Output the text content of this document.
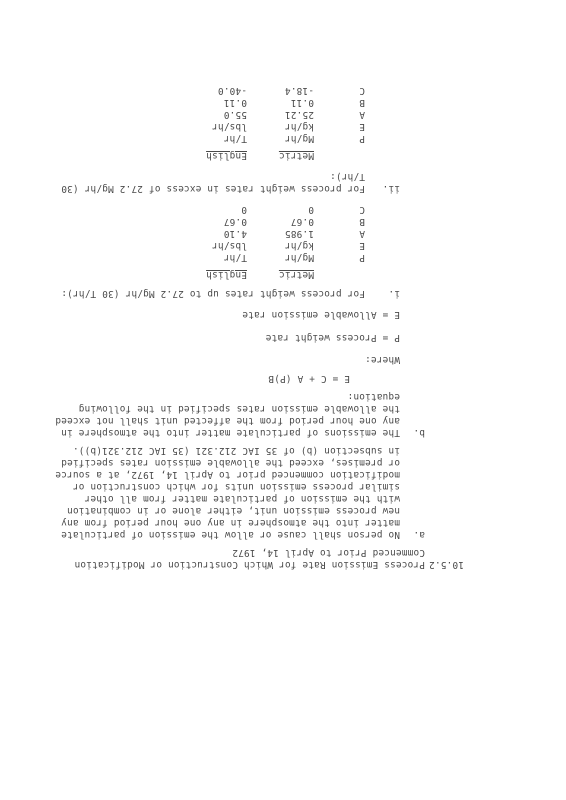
10.5.2
Process Emission Rate for Which Construction or Modification
Commenced Prior to April 14, 1972
a.
No person shall cause or allow the emission of particulate
matter into the atmosphere in any one hour period from any
new process emission unit, either alone or in combination
with the emission of particulate matter from all other
similar process emission units for which construction or
modification commenced prior to April 14, 1972, at a source
or premises, exceed the allowable emission rates specified
in subsection (b) of 35 IAC 212.321 (35 IAC 212.321(b)).
b.
The emissions of particulate matter into the atmosphere in
any one hour period from the affected unit shall not exceed
the allowable emission rates specified in the following
equation:
E = C + A (P)B
Where:
P = Process weight rate
E = Allowable emission rate
i.
For process weight rates up to 27.2 Mg/hr (30 T/hr):
Metric
English
P
Mg/hr
T/hr
E
kg/hr
lbs/hr
A
1.985
4.10
B
0.67
0.67
C
0
0
ii.
For process weight rates in excess of 27.2 Mg/hr (30
T/hr):
Metric
English
P
Mg/hr
T/hr
E
kg/hr
lbs/hr
A
25.21
55.0
B
0.11
0.11
C
-18.4
-40.0
